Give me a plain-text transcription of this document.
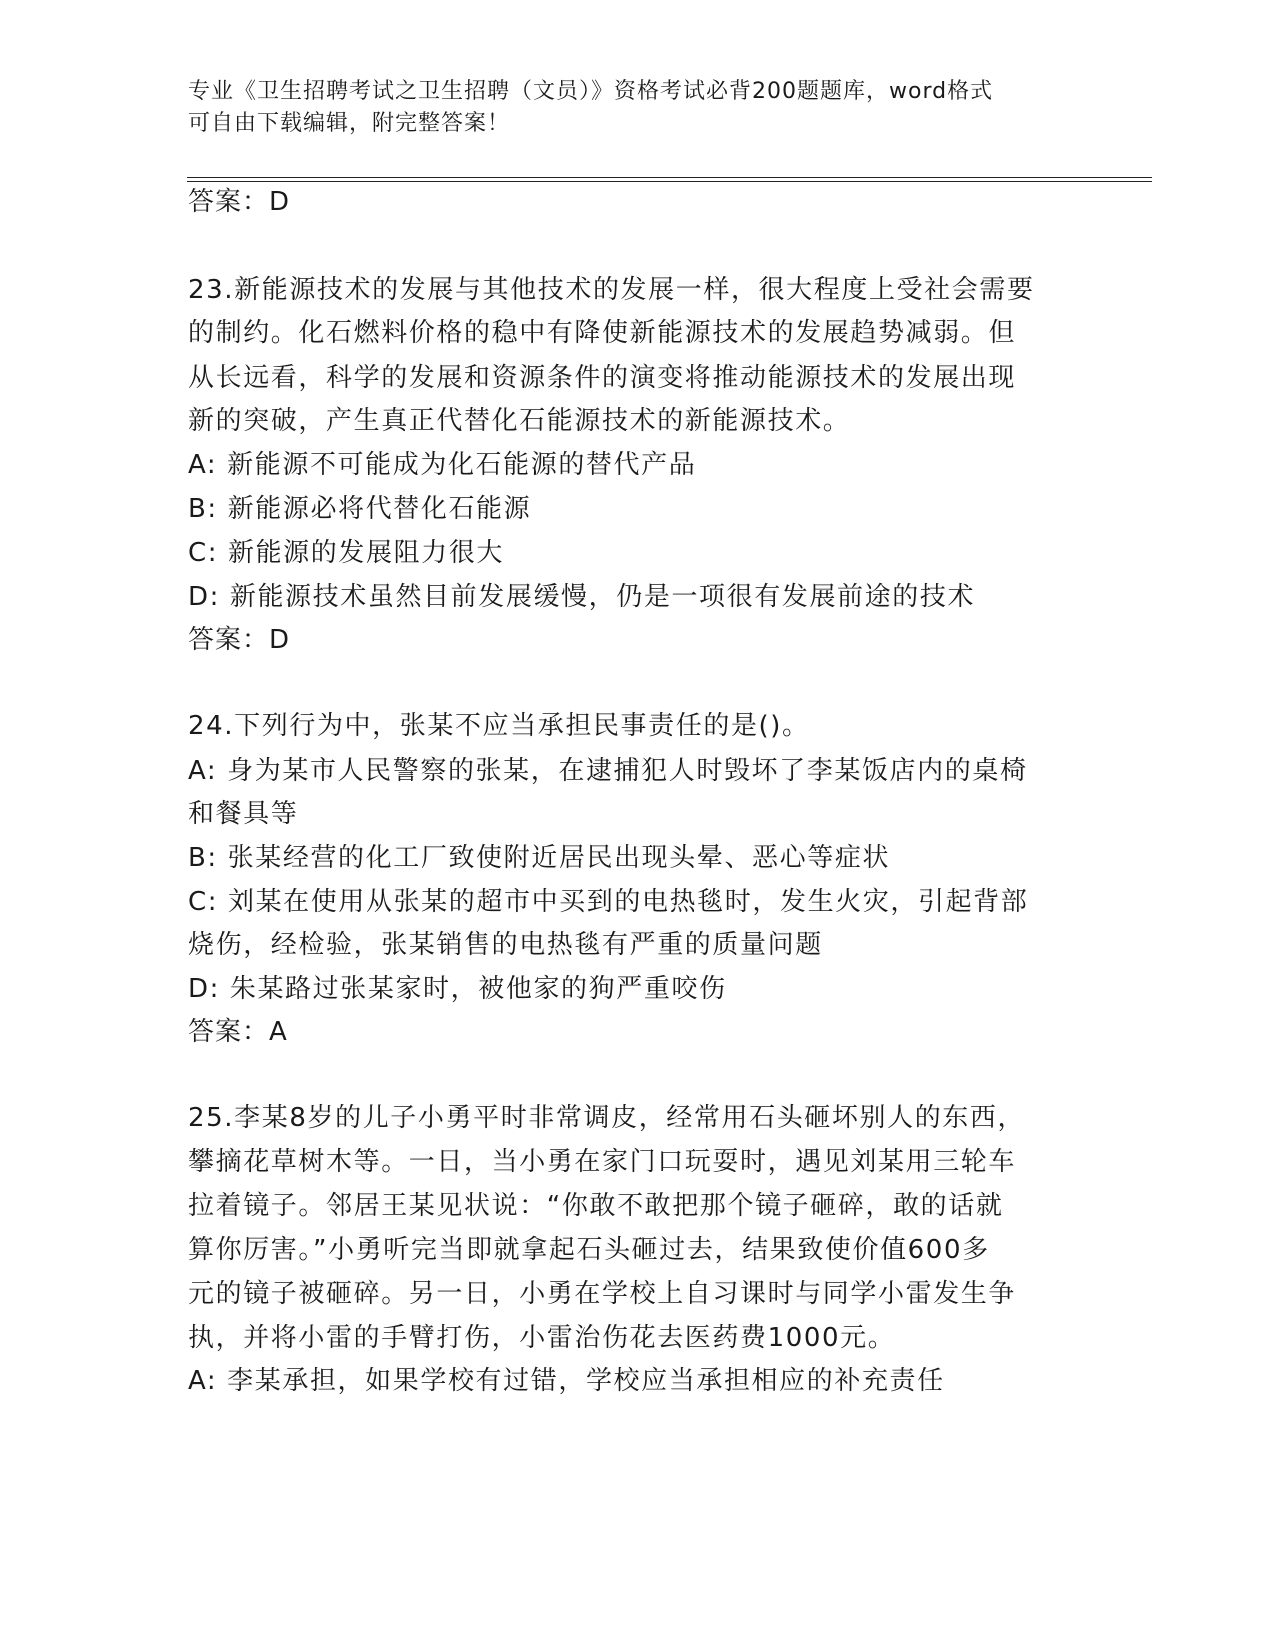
专业《卫生招聘考试之卫生招聘（文员）》资格考试必背200题题库，word格式
可自由下载编辑，附完整答案！
答案：D
23.新能源技术的发展与其他技术的发展一样，很大程度上受社会需要
的制约。化石燃料价格的稳中有降使新能源技术的发展趋势减弱。但
从长远看，科学的发展和资源条件的演变将推动能源技术的发展出现
新的突破，产生真正代替化石能源技术的新能源技术。
A: 新能源不可能成为化石能源的替代产品
B: 新能源必将代替化石能源
C: 新能源的发展阻力很大
D: 新能源技术虽然目前发展缓慢，仍是一项很有发展前途的技术
答案：D
24.下列行为中，张某不应当承担民事责任的是()。
A: 身为某市人民警察的张某，在逮捕犯人时毁坏了李某饭店内的桌椅
和餐具等
B: 张某经营的化工厂致使附近居民出现头晕、恶心等症状
C: 刘某在使用从张某的超市中买到的电热毯时，发生火灾，引起背部
烧伤，经检验，张某销售的电热毯有严重的质量问题
D: 朱某路过张某家时，被他家的狗严重咬伤
答案：A
25.李某8岁的儿子小勇平时非常调皮，经常用石头砸坏别人的东西，
攀摘花草树木等。一日，当小勇在家门口玩耍时，遇见刘某用三轮车
拉着镜子。邻居王某见状说：“你敢不敢把那个镜子砸碎，敢的话就
算你厉害。”小勇听完当即就拿起石头砸过去，结果致使价值600多
元的镜子被砸碎。另一日，小勇在学校上自习课时与同学小雷发生争
执，并将小雷的手臂打伤，小雷治伤花去医药费1000元。
A: 李某承担，如果学校有过错，学校应当承担相应的补充责任
